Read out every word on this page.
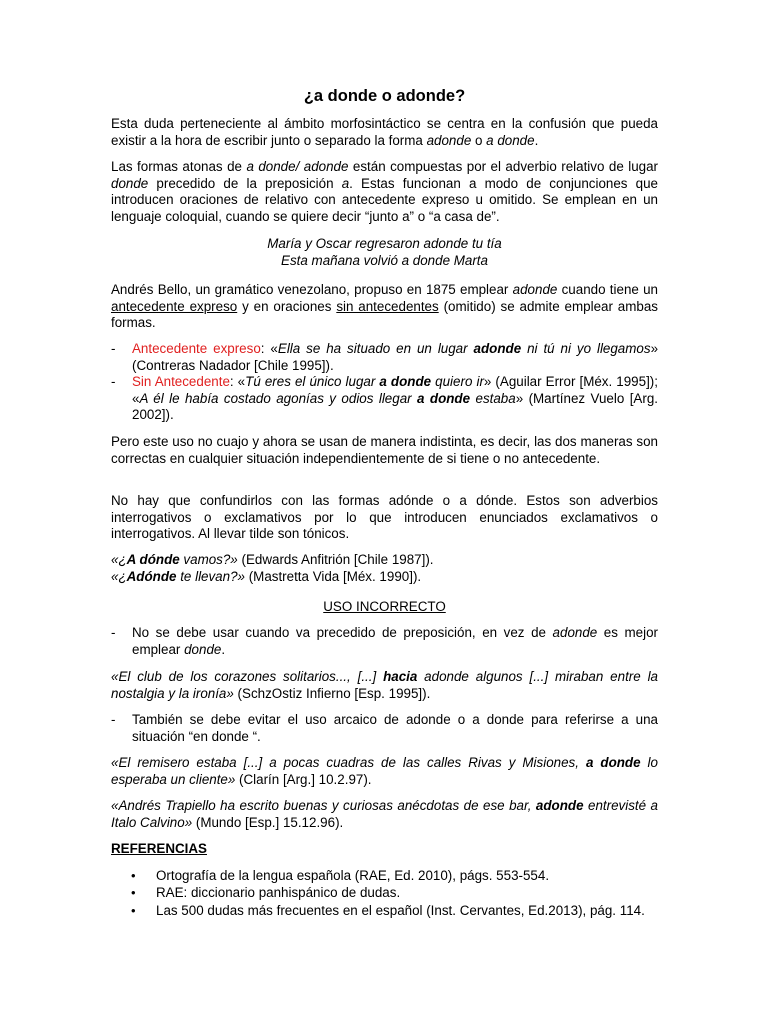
¿a donde o adonde?

Esta duda perteneciente al ámbito morfosintáctico se centra en la confusión que pueda existir a la hora de escribir junto o separado la forma adonde o a donde.

Las formas atonas de a donde/ adonde están compuestas por el adverbio relativo de lugar donde precedido de la preposición a. Estas funcionan a modo de conjunciones que introducen oraciones de relativo con antecedente expreso u omitido. Se emplean en un lenguaje coloquial, cuando se quiere decir “junto a” o “a casa de”.

María y Oscar regresaron adonde tu tía
Esta mañana volvió a donde Marta

Andrés Bello, un gramático venezolano, propuso en 1875 emplear adonde cuando tiene un antecedente expreso y en oraciones sin antecedentes (omitido) se admite emplear ambas formas.

-	Antecedente expreso: «Ella se ha situado en un lugar adonde ni tú ni yo llegamos» (Contreras Nadador [Chile 1995]).

-	Sin Antecedente: «Tú eres el único lugar a donde quiero ir» (Aguilar Error [Méx. 1995]); «A él le había costado agonías y odios llegar a donde estaba» (Martínez Vuelo [Arg. 2002]).

Pero este uso no cuajo y ahora se usan de manera indistinta, es decir, las dos maneras son correctas en cualquier situación independientemente de si tiene o no antecedente.

No hay que confundirlos con las formas adónde o a dónde. Estos son adverbios interrogativos o exclamativos por lo que introducen enunciados exclamativos o interrogativos. Al llevar tilde son tónicos.

«¿A dónde vamos?» (Edwards Anfitrión [Chile 1987]).
«¿Adónde te llevan?» (Mastretta Vida [Méx. 1990]).
USO INCORRECTO
-	No se debe usar cuando va precedido de preposición, en vez de adonde es mejor emplear donde.

«El club de los corazones solitarios..., [...] hacia adonde algunos [...] miraban entre la nostalgia y la ironía» (SchzOstiz Infierno [Esp. 1995]).

-	También se debe evitar el uso arcaico de adonde o a donde para referirse a una situación “en donde “.

«El remisero estaba [...] a pocas cuadras de las calles Rivas y Misiones, a donde lo esperaba un cliente» (Clarín [Arg.] 10.2.97).

«Andrés Trapiello ha escrito buenas y curiosas anécdotas de ese bar, adonde entrevisté a Italo Calvino» (Mundo [Esp.] 15.12.96).

REFERENCIAS
•	Ortografía de la lengua española (RAE, Ed. 2010), págs. 553-554.

•	RAE: diccionario panhispánico de dudas.

•	Las 500 dudas más frecuentes en el español (Inst. Cervantes, Ed.2013), pág. 114.
